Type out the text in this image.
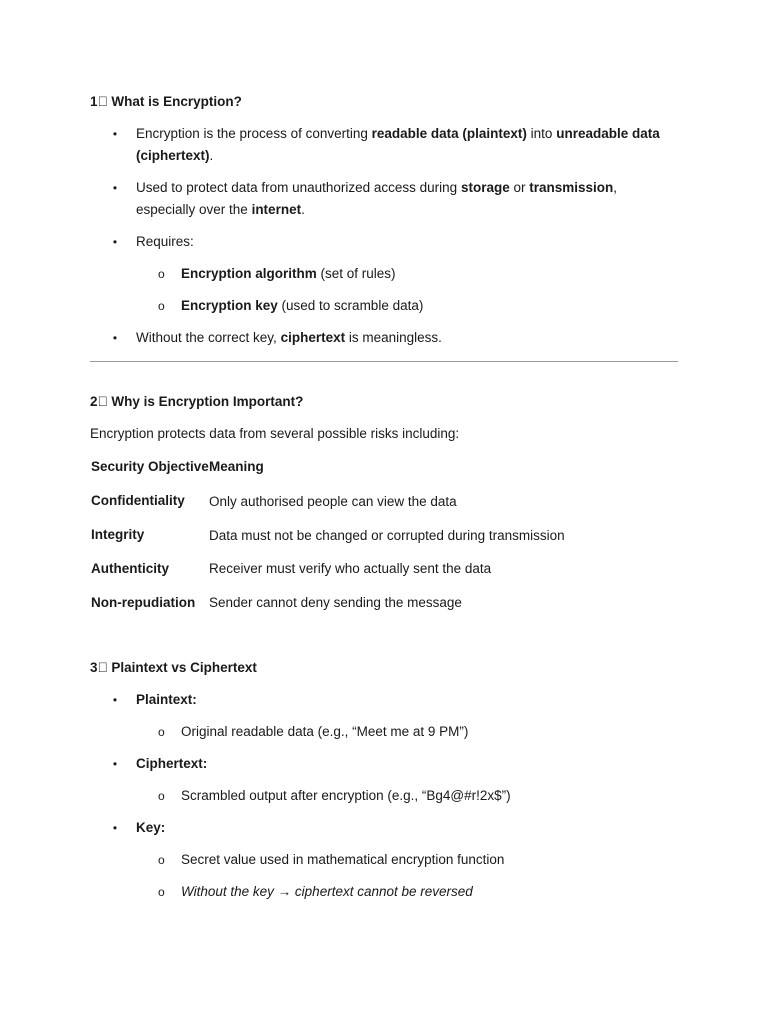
1⃣ What is Encryption?
• Encryption is the process of converting readable data (plaintext) into unreadable data
(ciphertext).
• Used to protect data from unauthorized access during storage or transmission,
especially over the internet.
• Requires:
o Encryption algorithm (set of rules)
o Encryption key (used to scramble data)
• Without the correct key, ciphertext is meaningless.
2⃣ Why is Encryption Important?
Encryption protects data from several possible risks including:
Security Objective Meaning
Confidentiality Only authorised people can view the data
Integrity	Data must not be changed or corrupted during transmission
Authenticity	Receiver must verify who actually sent the data
Non-repudiation Sender cannot deny sending the message
3⃣ Plaintext vs Ciphertext
• Plaintext:
o Original readable data (e.g., “Meet me at 9 PM”)
• Ciphertext:
o Scrambled output after encryption (e.g., “Bg4@#r!2x$”)
• Key:
o Secret value used in mathematical encryption function
o Without the key → ciphertext cannot be reversed
